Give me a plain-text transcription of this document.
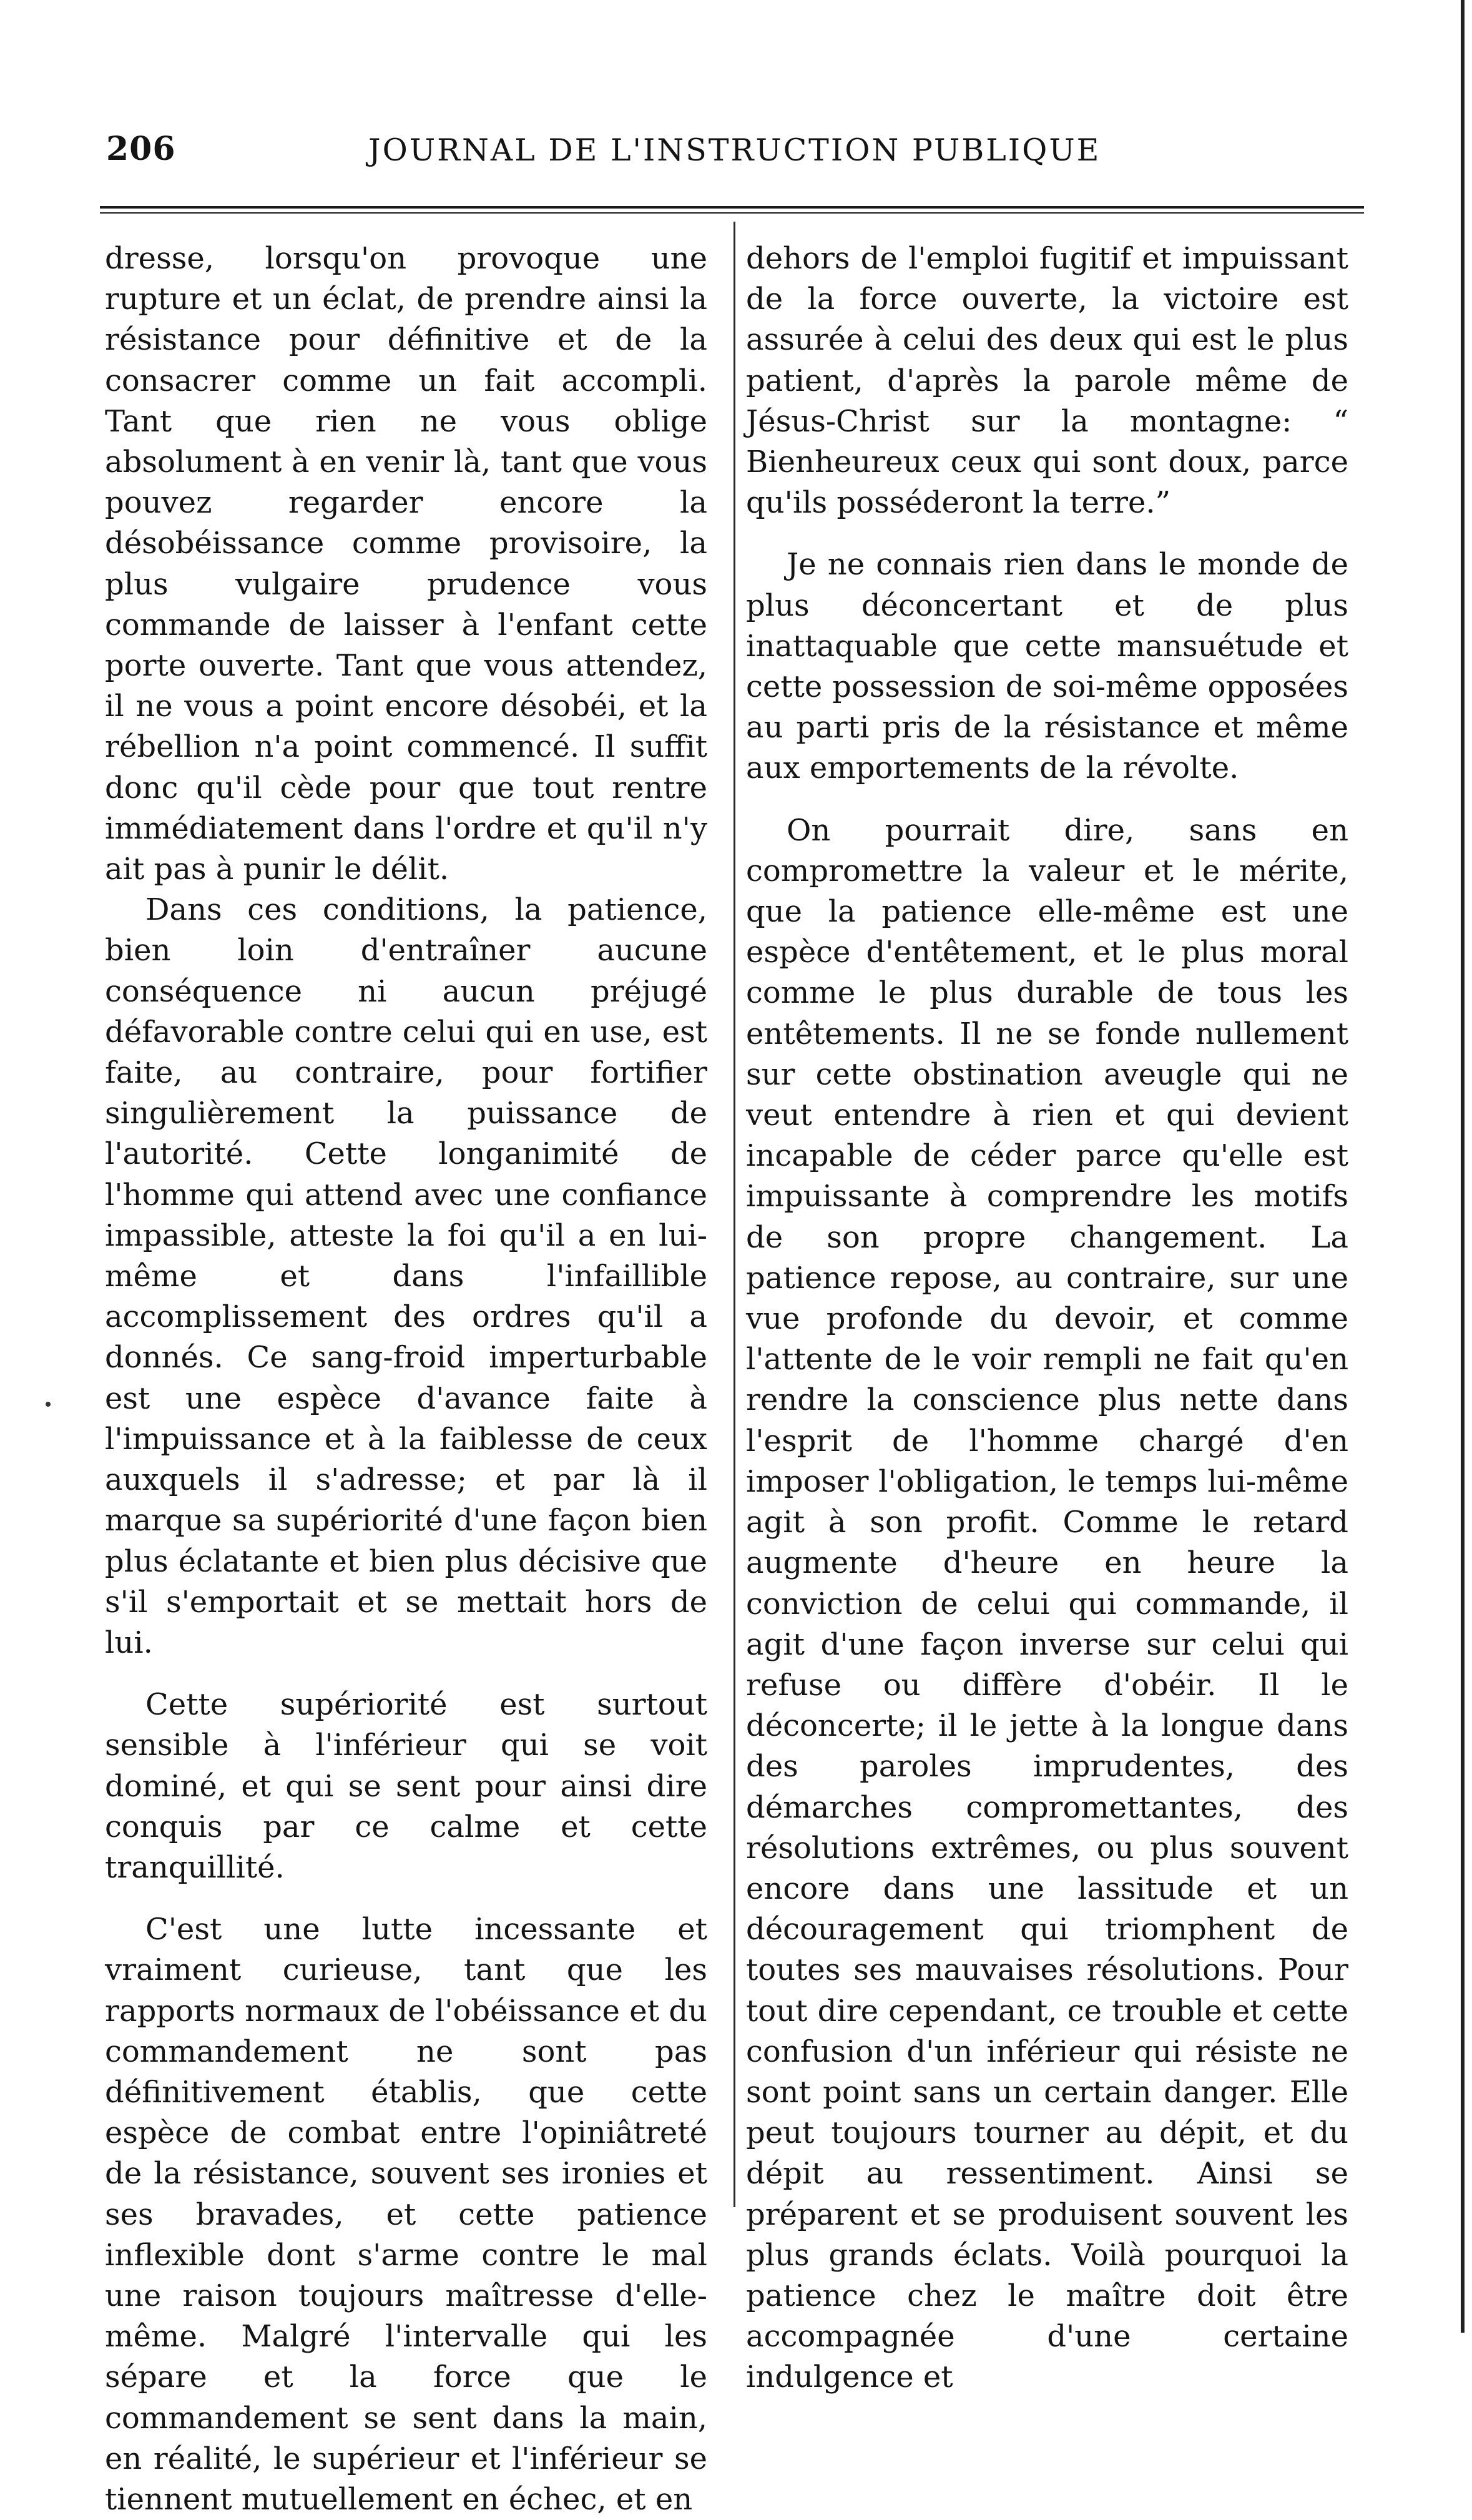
206	JOURNAL DE L'INSTRUCTION PUBLIQUE

dresse, lorsqu'on provoque une rupture et un éclat, de prendre ainsi la résistance pour définitive et de la consacrer comme un fait accompli. Tant que rien ne vous oblige absolument à en venir là, tant que vous pouvez regarder encore la désobéissance comme provisoire, la plus vulgaire prudence vous commande de laisser à l'enfant cette porte ouverte. Tant que vous attendez, il ne vous a point encore désobéi, et la rébellion n'a point commencé. Il suffit donc qu'il cède pour que tout rentre immédiatement dans l'ordre et qu'il n'y ait pas à punir le délit.

Dans ces conditions, la patience, bien loin d'entraîner aucune conséquence ni aucun préjugé défavorable contre celui qui en use, est faite, au contraire, pour fortifier singulièrement la puissance de l'autorité. Cette longanimité de l'homme qui attend avec une confiance impassible, atteste la foi qu'il a en lui-même et dans l'infaillible accomplissement des ordres qu'il a donnés. Ce sang-froid imperturbable est une espèce d'avance faite à l'impuissance et à la faiblesse de ceux auxquels il s'adresse; et par là il marque sa supériorité d'une façon bien plus éclatante et bien plus décisive que s'il s'emportait et se mettait hors de lui.

Cette supériorité est surtout sensible à l'inférieur qui se voit dominé, et qui se sent pour ainsi dire conquis par ce calme et cette tranquillité.

C'est une lutte incessante et vraiment curieuse, tant que les rapports normaux de l'obéissance et du commandement ne sont pas définitivement établis, que cette espèce de combat entre l'opiniâtreté de la résistance, souvent ses ironies et ses bravades, et cette patience inflexible dont s'arme contre le mal une raison toujours maîtresse d'elle-même. Malgré l'intervalle qui les sépare et la force que le commandement se sent dans la main, en réalité, le supérieur et l'inférieur se tiennent mutuellement en échec, et en

dehors de l'emploi fugitif et impuissant de la force ouverte, la victoire est assurée à celui des deux qui est le plus patient, d'après la parole même de Jésus-Christ sur la montagne: “ Bienheureux ceux qui sont doux, parce qu'ils posséderont la terre.”

Je ne connais rien dans le monde de plus déconcertant et de plus inattaquable que cette mansuétude et cette possession de soi-même opposées au parti pris de la résistance et même aux emportements de la révolte.

On pourrait dire, sans en compromettre la valeur et le mérite, que la patience elle-même est une espèce d'entêtement, et le plus moral comme le plus durable de tous les entêtements. Il ne se fonde nullement sur cette obstination aveugle qui ne veut entendre à rien et qui devient incapable de céder parce qu'elle est impuissante à comprendre les motifs de son propre changement. La patience repose, au contraire, sur une vue profonde du devoir, et comme l'attente de le voir rempli ne fait qu'en rendre la conscience plus nette dans l'esprit de l'homme chargé d'en imposer l'obligation, le temps lui-même agit à son profit. Comme le retard augmente d'heure en heure la conviction de celui qui commande, il agit d'une façon inverse sur celui qui refuse ou diffère d'obéir. Il le déconcerte; il le jette à la longue dans des paroles imprudentes, des démarches compromettantes, des résolutions extrêmes, ou plus souvent encore dans une lassitude et un découragement qui triomphent de toutes ses mauvaises résolutions. Pour tout dire cependant, ce trouble et cette confusion d'un inférieur qui résiste ne sont point sans un certain danger. Elle peut toujours tourner au dépit, et du dépit au ressentiment. Ainsi se préparent et se produisent souvent les plus grands éclats. Voilà pourquoi la patience chez le maître doit être accompagnée d'une certaine indulgence et
